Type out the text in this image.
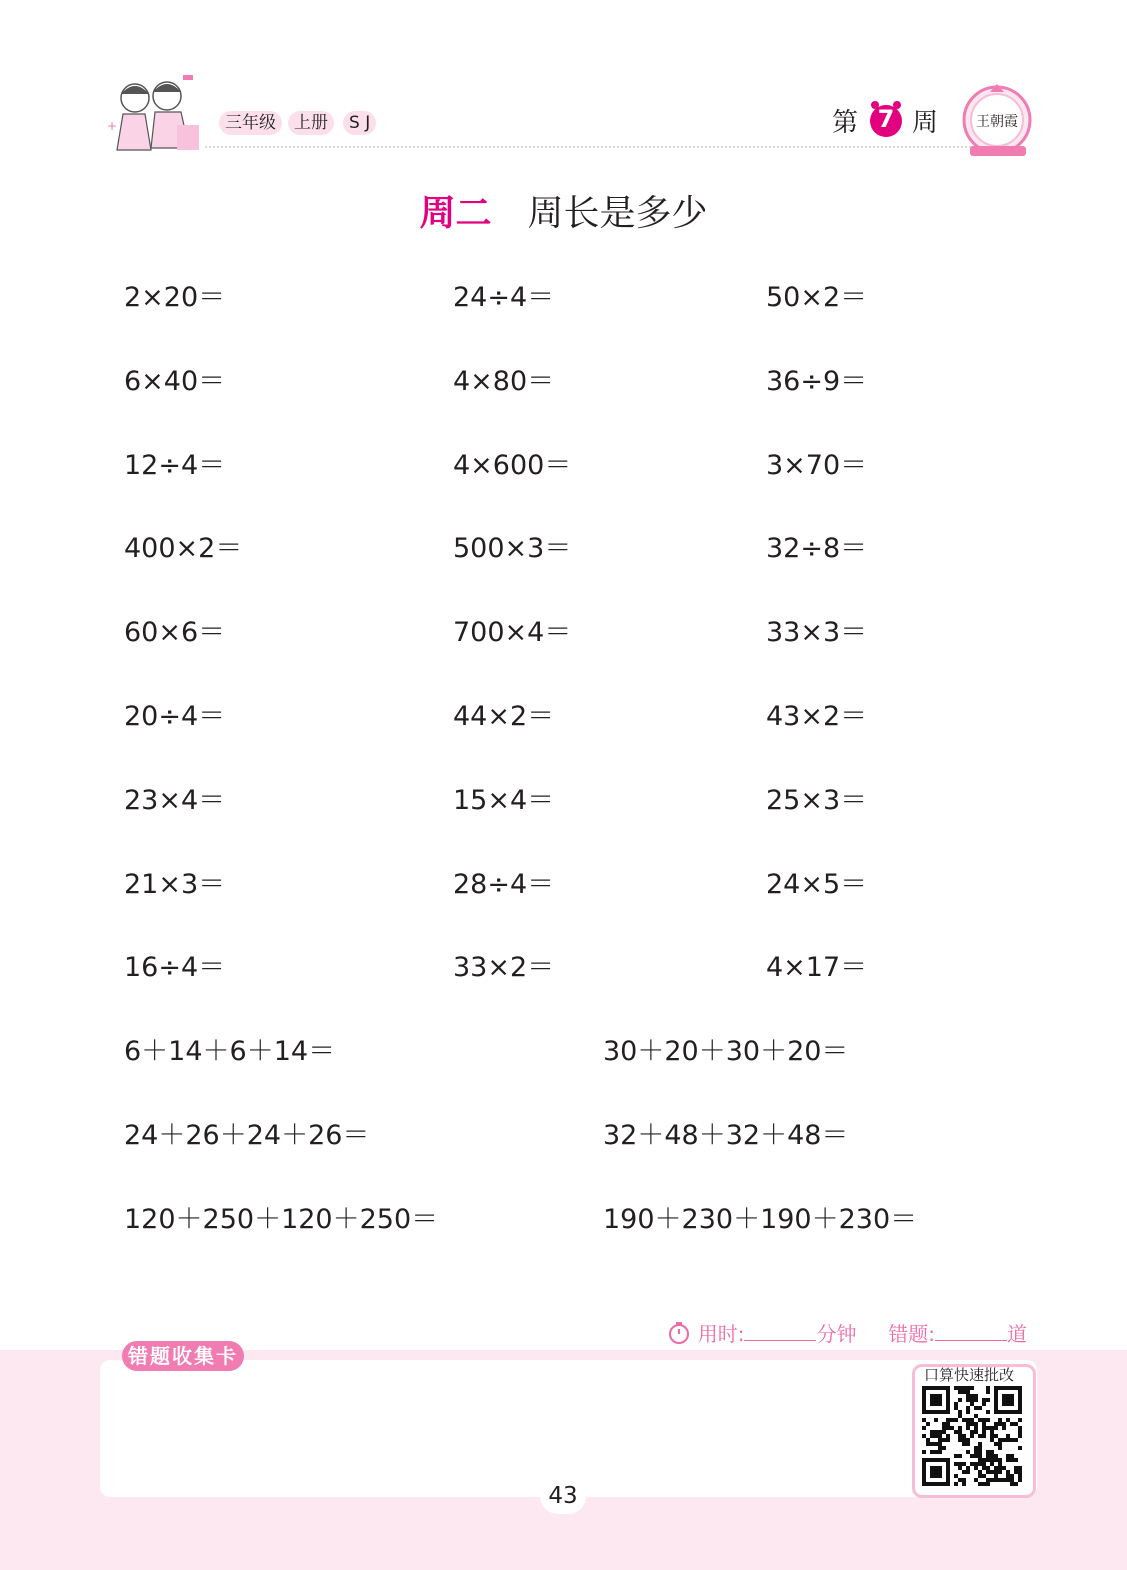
+	三年级	上册	S J	第 7 周	王朝霞
周二 周长是多少
2×20＝	24÷4＝	50×2＝
6×40＝	4×80＝	36÷9＝
12÷4＝	4×600＝	3×70＝
400×2＝	500×3＝	32÷8＝
60×6＝	700×4＝	33×3＝
20÷4＝	44×2＝	43×2＝
23×4＝	15×4＝	25×3＝
21×3＝	28÷4＝	24×5＝
16÷4＝	33×2＝	4×17＝
6＋14＋6＋14＝	30＋20＋30＋20＝
24＋26＋24＋26＝	32＋48＋32＋48＝
120＋250＋120＋250＝	190＋230＋190＋230＝
用时:	分钟 错题:	道
错题收集卡
口算快速批改
43
